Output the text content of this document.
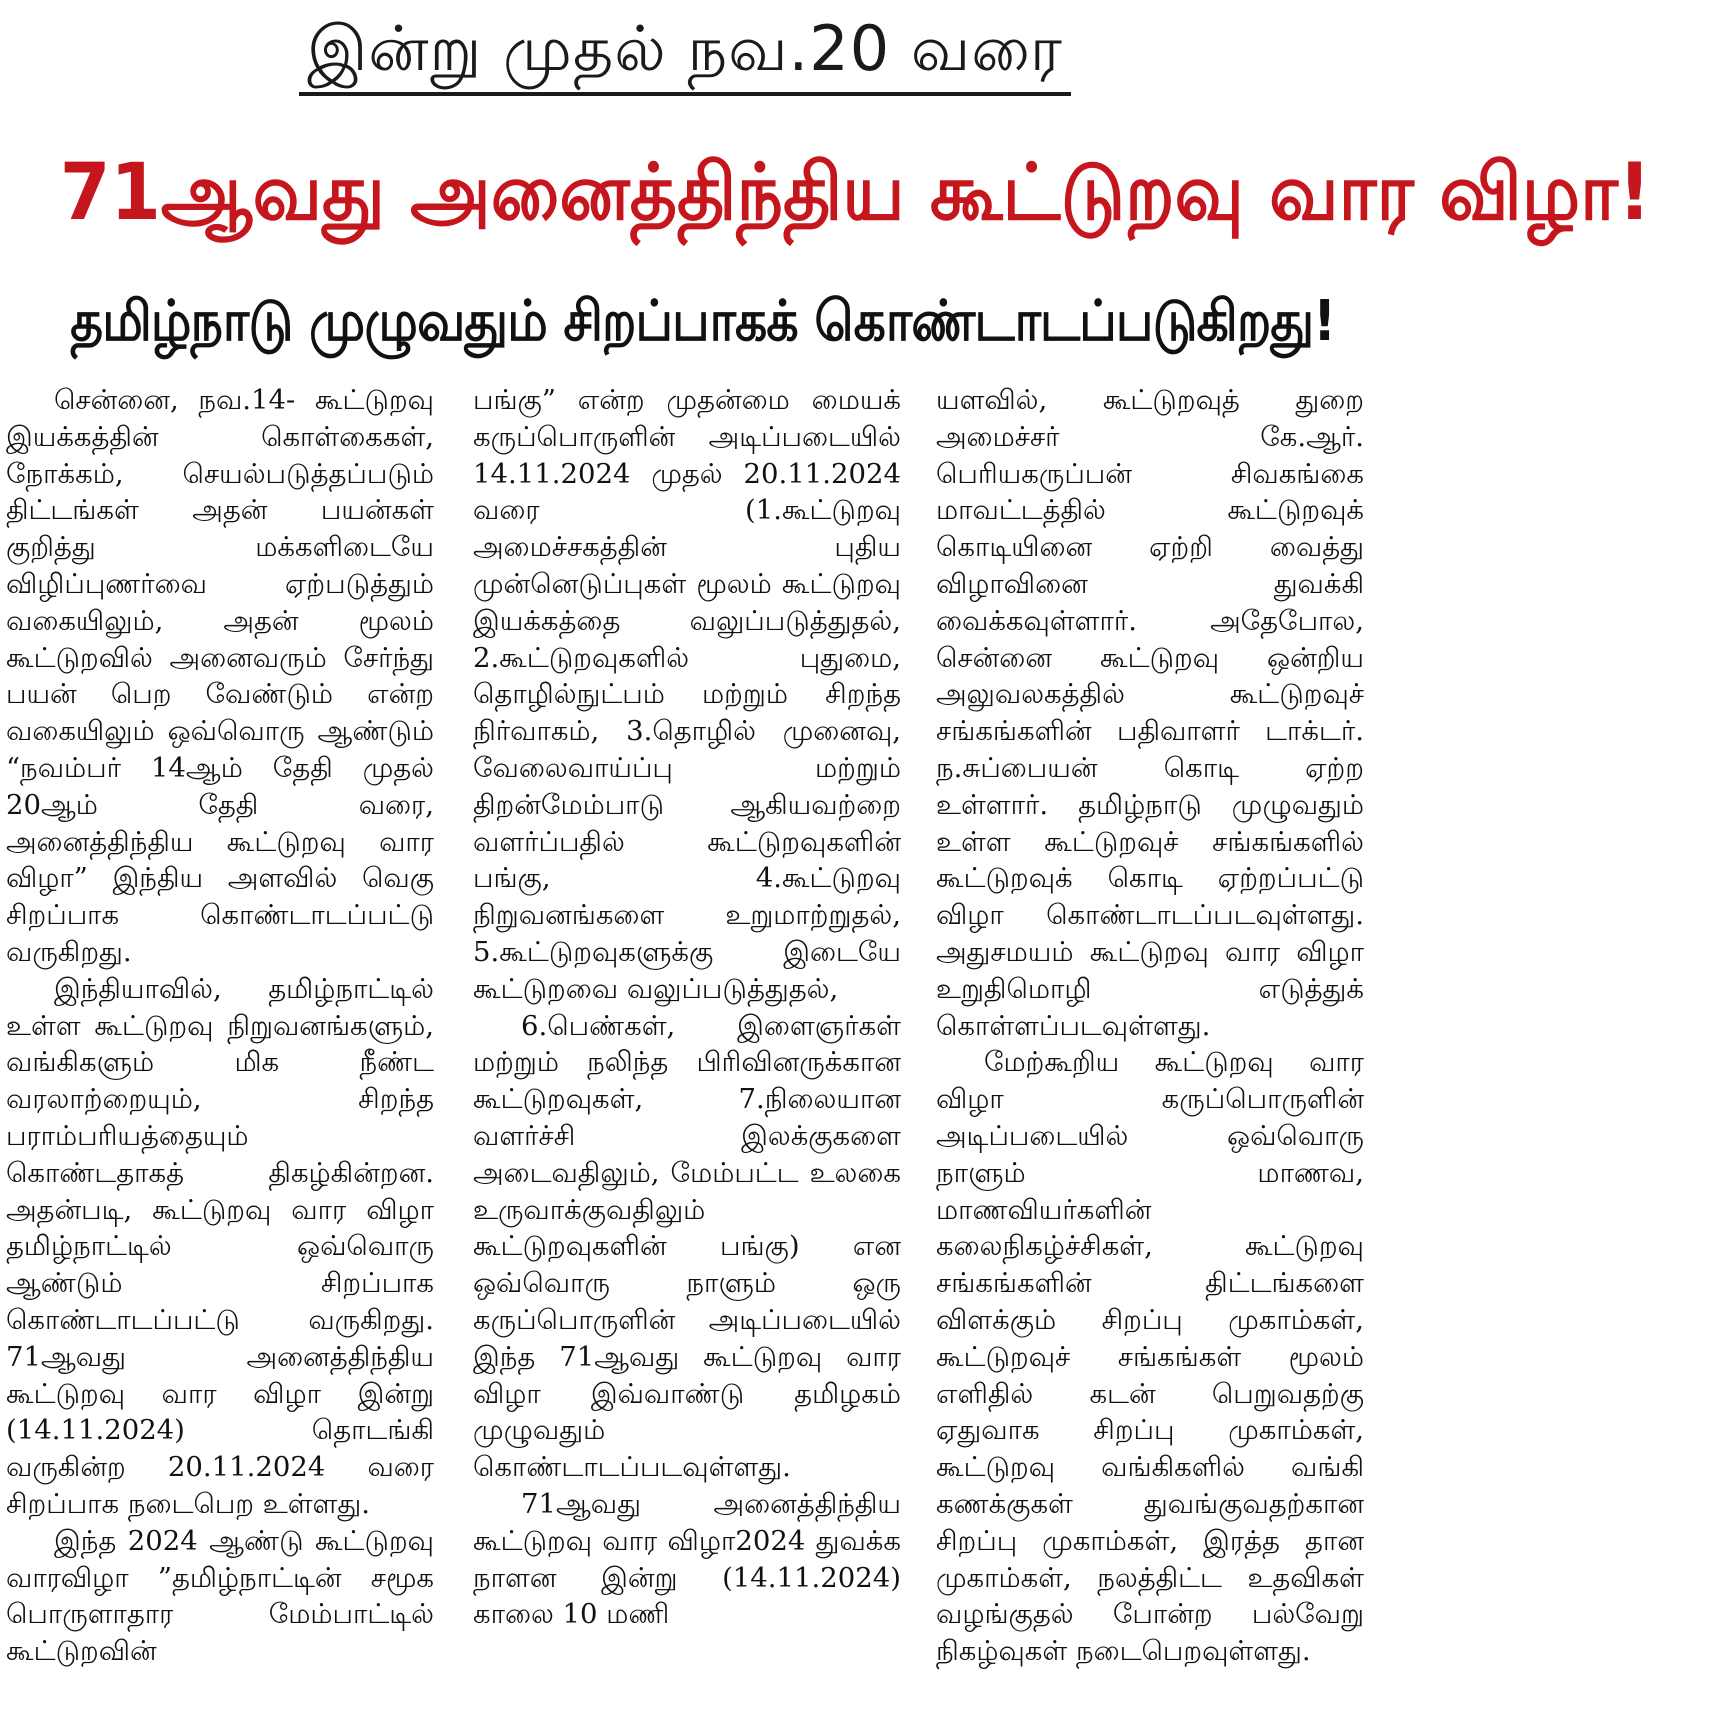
இன்று முதல் நவ.20 வரை
71ஆவது அனைத்திந்திய கூட்டுறவு வார விழா!
தமிழ்நாடு முழுவதும் சிறப்பாகக் கொண்டாடப்படுகிறது!

சென்னை, நவ.14- கூட்டுறவு இயக்கத்தின் கொள்கைகள், நோக்கம், செயல்படுத்தப்படும் திட்டங்கள் அதன் பயன்கள் குறித்து மக்களிடையே விழிப்புணர்வை ஏற்படுத்தும் வகையிலும், அதன் மூலம் கூட்டுறவில் அனைவரும் சேர்ந்து பயன் பெற வேண்டும் என்ற வகையிலும் ஒவ்வொரு ஆண்டும் “நவம்பர் 14ஆம் தேதி முதல் 20ஆம் தேதி வரை, அனைத்திந்திய கூட்டுறவு வார விழா” இந்திய அளவில் வெகு சிறப்பாக கொண்டாடப்பட்டு வருகிறது.

இந்தியாவில், தமிழ்நாட்டில் உள்ள கூட்டுறவு நிறுவனங்களும், வங்கிகளும் மிக நீண்ட வரலாற்றையும், சிறந்த பராம்பரியத்தையும் கொண்டதாகத் திகழ்கின்றன. அதன்படி, கூட்டுறவு வார விழா தமிழ்நாட்டில் ஒவ்வொரு ஆண்டும் சிறப்பாக கொண்டாடப்பட்டு வருகிறது. 71ஆவது அனைத்திந்திய கூட்டுறவு வார விழா இன்று (14.11.2024) தொடங்கி வருகின்ற 20.11.2024 வரை சிறப்பாக நடைபெற உள்ளது.

இந்த 2024 ஆண்டு கூட்டுறவு வாரவிழா ”தமிழ்நாட்டின் சமூக பொருளாதார மேம்பாட்டில் கூட்டுறவின்

பங்கு” என்ற முதன்மை மையக் கருப்பொருளின் அடிப்படையில் 14.11.2024 முதல் 20.11.2024 வரை (1.கூட்டுறவு அமைச்சகத்தின் புதிய முன்னெடுப்புகள் மூலம் கூட்டுறவு இயக்கத்தை வலுப்படுத்துதல், 2.கூட்டுறவுகளில் புதுமை, தொழில்நுட்பம் மற்றும் சிறந்த நிர்வாகம், 3.தொழில் முனைவு, வேலைவாய்ப்பு மற்றும் திறன்மேம்பாடு ஆகியவற்றை வளர்ப்பதில் கூட்டுறவுகளின் பங்கு, 4.கூட்டுறவு நிறுவனங்களை உறுமாற்றுதல், 5.கூட்டுறவுகளுக்கு இடையே கூட்டுறவை வலுப்படுத்துதல்,

6.பெண்கள், இளைஞர்கள் மற்றும் நலிந்த பிரிவினருக்கான கூட்டுறவுகள், 7.நிலையான வளர்ச்சி இலக்குகளை அடைவதிலும், மேம்பட்ட உலகை உருவாக்குவதிலும் கூட்டுறவுகளின் பங்கு) என ஒவ்வொரு நாளும் ஒரு கருப்பொருளின் அடிப்படையில் இந்த 71ஆவது கூட்டுறவு வார விழா இவ்வாண்டு தமிழகம் முழுவதும் கொண்டாடப்படவுள்ளது.

71ஆவது அனைத்திந்திய கூட்டுறவு வார விழா2024 துவக்க நாளன இன்று (14.11.2024) காலை 10 மணி

யளவில், கூட்டுறவுத் துறை அமைச்சர் கே.ஆர். பெரியகருப்பன் சிவகங்கை மாவட்டத்தில் கூட்டுறவுக் கொடியினை ஏற்றி வைத்து விழாவினை துவக்கி வைக்கவுள்ளார். அதேபோல, சென்னை கூட்டுறவு ஒன்றிய அலுவலகத்தில் கூட்டுறவுச் சங்கங்களின் பதிவாளர் டாக்டர். ந.சுப்பையன் கொடி ஏற்ற உள்ளார். தமிழ்நாடு முழுவதும் உள்ள கூட்டுறவுச் சங்கங்களில் கூட்டுறவுக் கொடி ஏற்றப்பட்டு விழா கொண்டாடப்படவுள்ளது. அதுசமயம் கூட்டுறவு வார விழா உறுதிமொழி எடுத்துக் கொள்ளப்படவுள்ளது.

மேற்கூறிய கூட்டுறவு வார விழா கருப்பொருளின் அடிப்படையில் ஒவ்வொரு நாளும் மாணவ, மாணவியர்களின் கலைநிகழ்ச்சிகள், கூட்டுறவு சங்கங்களின் திட்டங்களை விளக்கும் சிறப்பு முகாம்கள், கூட்டுறவுச் சங்கங்கள் மூலம் எளிதில் கடன் பெறுவதற்கு ஏதுவாக சிறப்பு முகாம்கள், கூட்டுறவு வங்கிகளில் வங்கி கணக்குகள் துவங்குவதற்கான சிறப்பு முகாம்கள், இரத்த தான முகாம்கள், நலத்திட்ட உதவிகள் வழங்குதல் போன்ற பல்வேறு நிகழ்வுகள் நடைபெறவுள்ளது.
